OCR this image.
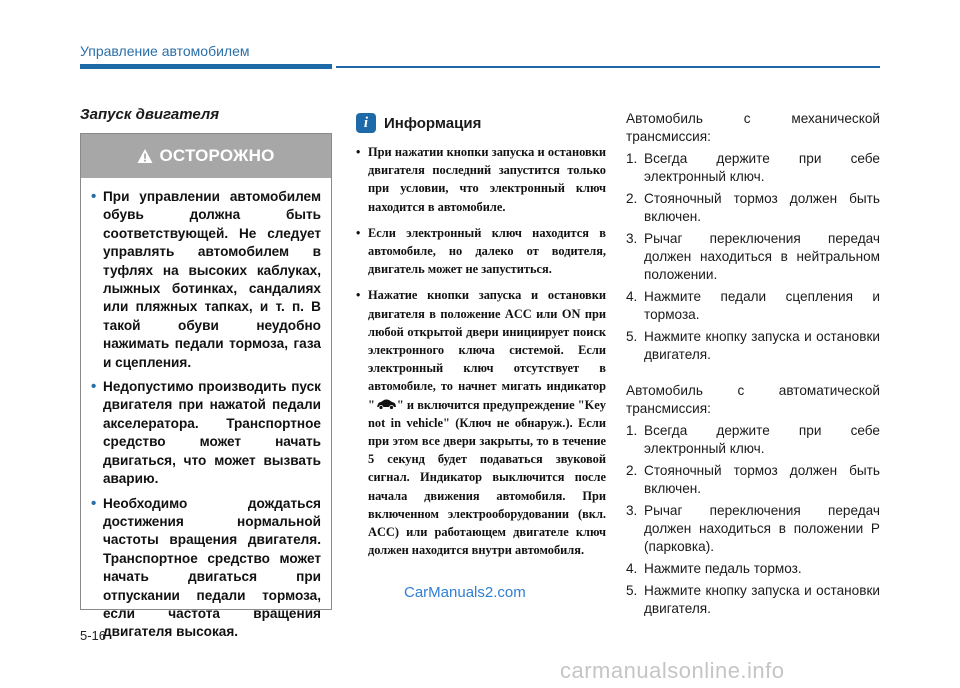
Управление автомобилем
Запуск двигателя
ОСТОРОЖНО
• При управлении автомобилем обувь должна быть соответствующей. Не следует управлять автомобилем в туфлях на высоких каблуках, лыжных ботинках, сандалиях или пляжных тапках, и т. п. В такой обуви неудобно нажимать педали тормоза, газа и сцепления.
• Недопустимо производить пуск двигателя при нажатой педали акселератора. Транспортное средство может начать двигаться, что может вызвать аварию.
• Необходимо дождаться достижения нормальной частоты вращения двигателя. Транспортное средство может начать двигаться при отпускании педали тормоза, если частота вращения двигателя высокая.
i	Информация
• При нажатии кнопки запуска и остановки двигателя последний запустится только при условии, что электронный ключ находится в автомобиле.
• Если электронный ключ находится в автомобиле, но далеко от водителя, двигатель может не запуститься.
• Нажатие кнопки запуска и остановки двигателя в положение ACC или ON при любой открытой двери инициирует поиск электронного ключа системой. Если электронный ключ отсутствует в автомобиле, то начнет мигать индикатор " " и включится предупреждение "Key not in vehicle" (Ключ не обнаруж.). Если при этом все двери закрыты, то в течение 5 секунд будет подаваться звуковой сигнал. Индикатор выключится после начала движения автомобиля. При включенном электрооборудовании (вкл. ACC) или работающем двигателе ключ должен находится внутри автомобиля.

Автомобиль с механической трансмиссия:

1. Всегда держите при себе электронный ключ.
2. Стояночный тормоз должен быть включен.
3. Рычаг переключения передач должен находиться в нейтральном положении.
4. Нажмите педали сцепления и тормоза.
5. Нажмите кнопку запуска и остановки двигателя.

Автомобиль с автоматической трансмиссия:

1. Всегда держите при себе электронный ключ.
2. Стояночный тормоз должен быть включен.
3. Рычаг переключения передач должен находиться в положении P (парковка).
4. Нажмите педаль тормоз.
5. Нажмите кнопку запуска и остановки двигателя.
CarManuals2.com
5-16
carmanualsonline.info
